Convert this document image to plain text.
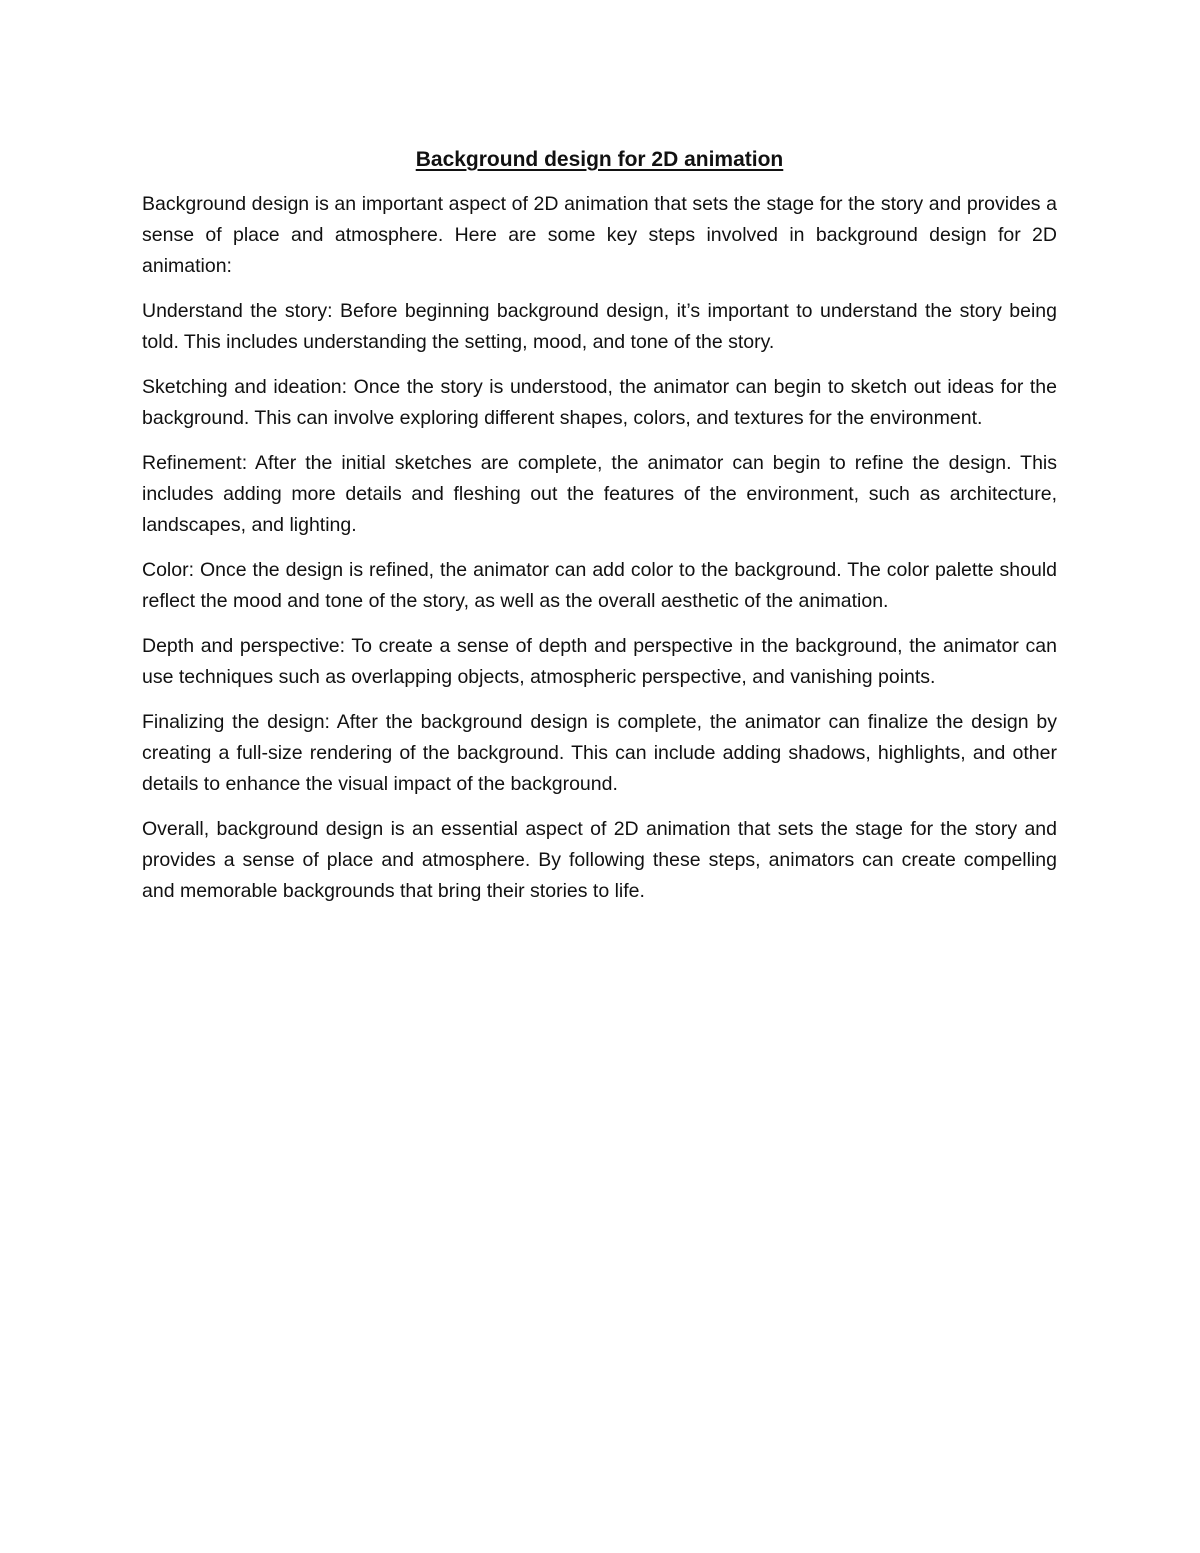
Background design for 2D animation

Background design is an important aspect of 2D animation that sets the stage for the story and provides a sense of place and atmosphere. Here are some key steps involved in background design for 2D animation:

Understand the story: Before beginning background design, it’s important to understand the story being told. This includes understanding the setting, mood, and tone of the story.

Sketching and ideation: Once the story is understood, the animator can begin to sketch out ideas for the background. This can involve exploring different shapes, colors, and textures for the environment.

Refinement: After the initial sketches are complete, the animator can begin to refine the design. This includes adding more details and fleshing out the features of the environment, such as architecture, landscapes, and lighting.

Color: Once the design is refined, the animator can add color to the background. The color palette should reflect the mood and tone of the story, as well as the overall aesthetic of the animation.

Depth and perspective: To create a sense of depth and perspective in the background, the animator can use techniques such as overlapping objects, atmospheric perspective, and vanishing points.

Finalizing the design: After the background design is complete, the animator can finalize the design by creating a full-size rendering of the background. This can include adding shadows, highlights, and other details to enhance the visual impact of the background.

Overall, background design is an essential aspect of 2D animation that sets the stage for the story and provides a sense of place and atmosphere. By following these steps, animators can create compelling and memorable backgrounds that bring their stories to life.
